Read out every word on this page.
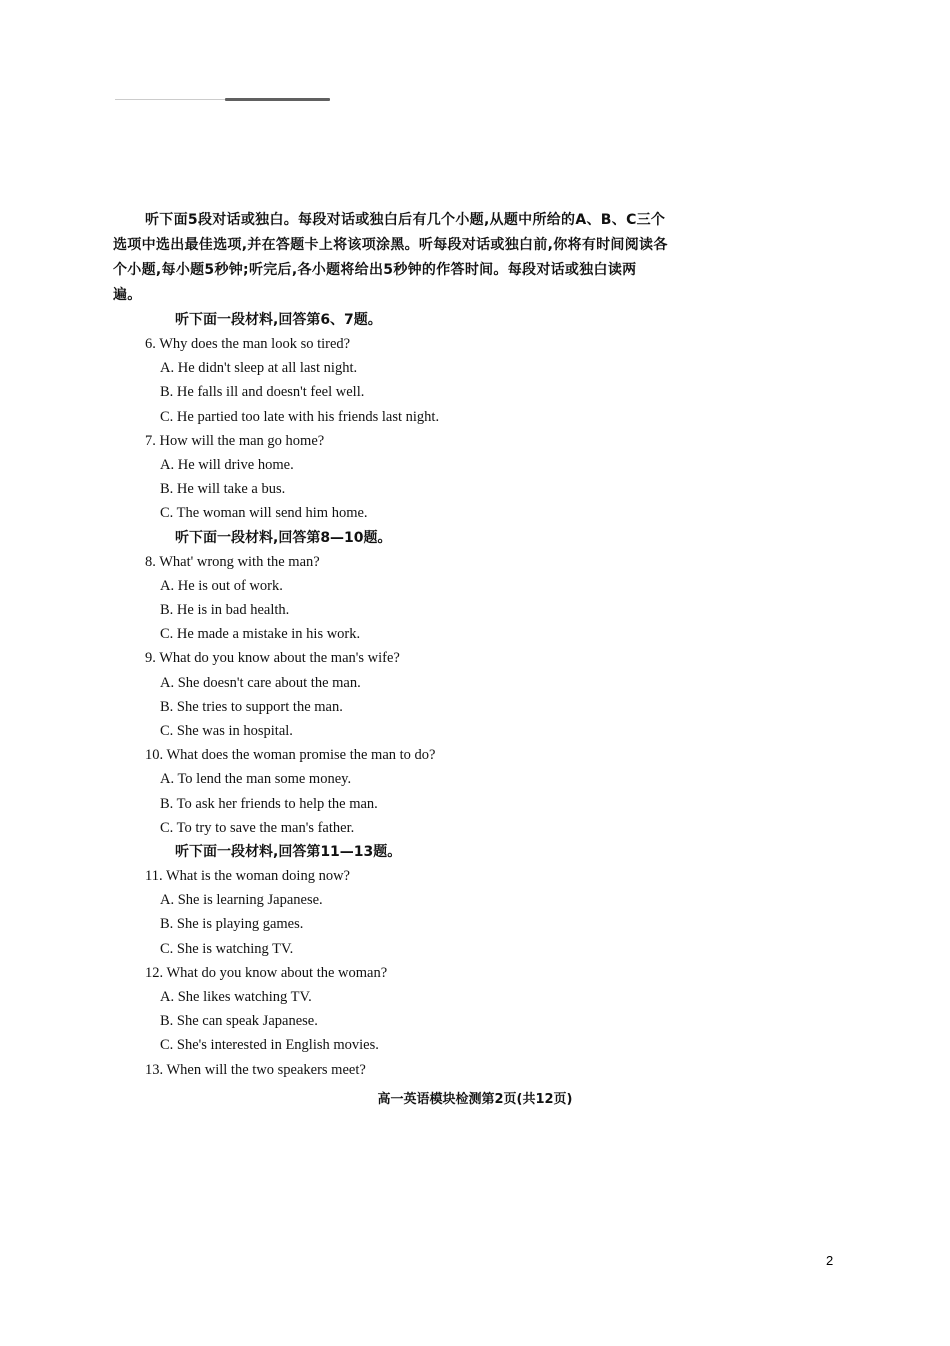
听下面5段对话或独白。每段对话或独白后有几个小题,从题中所给的A、B、C三个

选项中选出最佳选项,并在答题卡上将该项涂黑。听每段对话或独白前,你将有时间阅读各

个小题,每小题5秒钟;听完后,各小题将给出5秒钟的作答时间。每段对话或独白读两

遍。

听下面一段材料,回答第6、7题。

6. Why does the man look so tired?

A. He didn't sleep at all last night.

B. He falls ill and doesn't feel well.

C. He partied too late with his friends last night.

7. How will the man go home?

A. He will drive home.

B. He will take a bus.

C. The woman will send him home.

听下面一段材料,回答第8—10题。

8. What' wrong with the man?

A. He is out of work.

B. He is in bad health.

C. He made a mistake in his work.

9. What do you know about the man's wife?

A. She doesn't care about the man.

B. She tries to support the man.

C. She was in hospital.

10. What does the woman promise the man to do?

A. To lend the man some money.

B. To ask her friends to help the man.

C. To try to save the man's father.

听下面一段材料,回答第11—13题。

11. What is the woman doing now?

A. She is learning Japanese.

B. She is playing games.

C. She is watching TV.

12. What do you know about the woman?

A. She likes watching TV.

B. She can speak Japanese.

C. She's interested in English movies.

13. When will the two speakers meet?

高一英语模块检测第2页(共12页)
2
